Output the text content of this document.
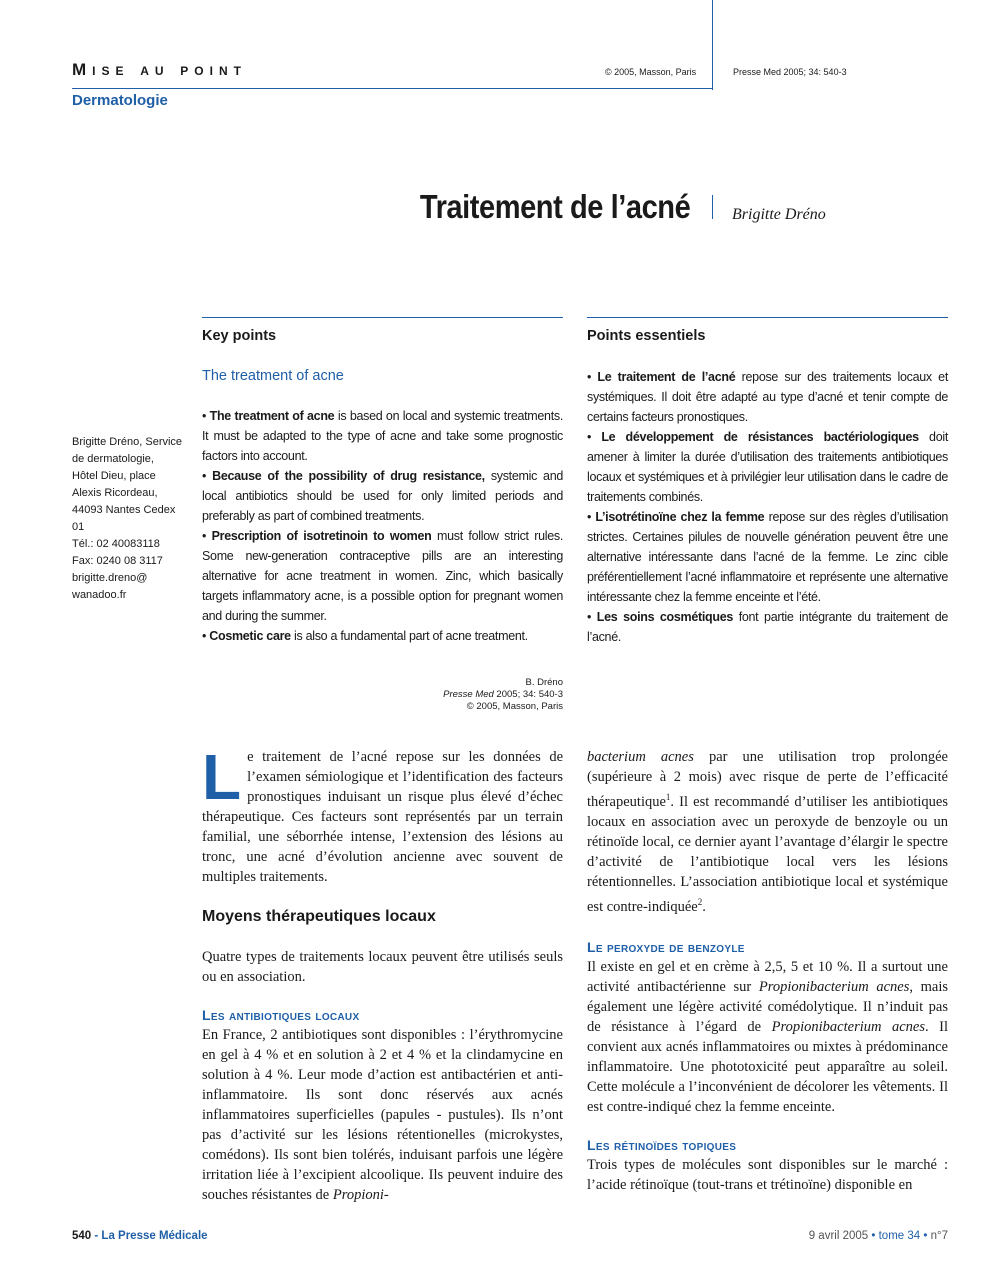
Mise au point	© 2005, Masson, Paris	Presse Med 2005; 34: 540-3
Dermatologie
Traitement de l’acné	Brigitte Dréno
Brigitte Dréno, Service
de dermatologie,
Hôtel Dieu, place
Alexis Ricordeau,
44093 Nantes Cedex 01
Tél.: 02 40083118
Fax: 0240 08 3117
brigitte.dreno@
wanadoo.fr
Key points
The treatment of acne

• The treatment of acne is based on local and systemic treatments. It must be adapted to the type of acne and take some prognostic factors into account.

• Because of the possibility of drug resistance, systemic and local antibiotics should be used for only limited periods and preferably as part of combined treatments.

• Prescription of isotretinoin to women must follow strict rules. Some new-generation contraceptive pills are an interesting alternative for acne treatment in women. Zinc, which basically targets inflammatory acne, is a possible option for pregnant women and during the summer.

• Cosmetic care is also a fundamental part of acne treatment.

B. Dréno
Presse Med 2005; 34: 540-3
© 2005, Masson, Paris
Points essentiels

• Le traitement de l’acné repose sur des traitements locaux et systémiques. Il doit être adapté au type d’acné et tenir compte de certains facteurs pronostiques.

• Le développement de résistances bactériologiques doit amener à limiter la durée d’utilisation des traitements antibiotiques locaux et systémiques et à privilégier leur utilisation dans le cadre de traitements combinés.

• L’isotrétinoïne chez la femme repose sur des règles d’utilisation strictes. Certaines pilules de nouvelle génération peuvent être une alternative intéressante dans l’acné de la femme. Le zinc cible préférentiellement l’acné inflammatoire et représente une alternative intéressante chez la femme enceinte et l’été.

• Les soins cosmétiques font partie intégrante du traitement de l’acné.

Le traitement de l’acné repose sur les données de l’examen sémiologique et l’identification des facteurs pronostiques induisant un risque plus élevé d’échec thérapeutique. Ces facteurs sont représentés par un terrain familial, une séborrhée intense, l’extension des lésions au tronc, une acné d’évolution ancienne avec souvent de multiples traitements.

Moyens thérapeutiques locaux

Quatre types de traitements locaux peuvent être utilisés seuls ou en association.

Les antibiotiques locaux

En France, 2 antibiotiques sont disponibles : l’érythromycine en gel à 4 % et en solution à 2 et 4 % et la clindamycine en solution à 4 %. Leur mode d’action est antibactérien et anti-inflammatoire. Ils sont donc réservés aux acnés inflammatoires superficielles (papules - pustules). Ils n’ont pas d’activité sur les lésions rétentionelles (microkystes, comédons). Ils sont bien tolérés, induisant parfois une légère irritation liée à l’excipient alcoolique. Ils peuvent induire des souches résistantes de Propioni-

bacterium acnes par une utilisation trop prolongée (supérieure à 2 mois) avec risque de perte de l’efficacité thérapeutique$^1$. Il est recommandé d’utiliser les antibiotiques locaux en association avec un peroxyde de benzoyle ou un rétinoïde local, ce dernier ayant l’avantage d’élargir le spectre d’activité de l’antibiotique local vers les lésions rétentionnelles. L’association antibiotique local et systémique est contre-indiquée$^2$.

Le peroxyde de benzoyle

Il existe en gel et en crème à 2,5, 5 et 10 %. Il a surtout une activité antibactérienne sur Propionibacterium acnes, mais également une légère activité comédolytique. Il n’induit pas de résistance à l’égard de Propionibacterium acnes. Il convient aux acnés inflammatoires ou mixtes à prédominance inflammatoire. Une phototoxicité peut apparaître au soleil. Cette molécule a l’inconvénient de décolorer les vêtements. Il est contre-indiqué chez la femme enceinte.

Les rétinoïdes topiques

Trois types de molécules sont disponibles sur le marché : l’acide rétinoïque (tout-trans et trétinoïne) disponible en

540 - La Presse Médicale	9 avril 2005 • tome 34 • n°7
